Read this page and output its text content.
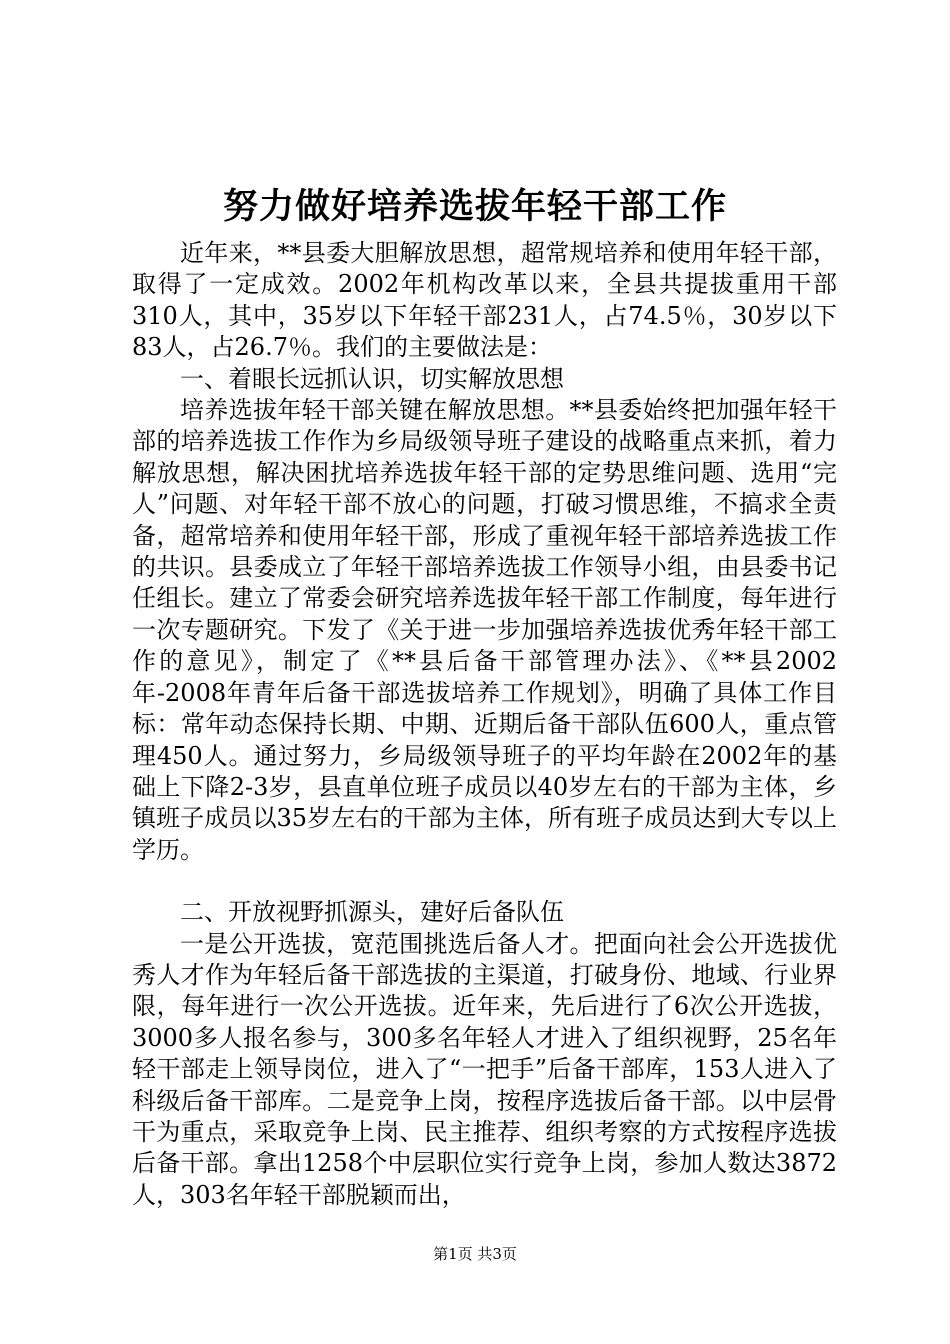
努力做好培养选拔年轻干部工作

近年来，**县委大胆解放思想，超常规培养和使用年轻干部，取得了一定成效。2002年机构改革以来，全县共提拔重用干部310人，其中，35岁以下年轻干部231人，占74.5％，30岁以下83人，占26.7％。我们的主要做法是：

一、着眼长远抓认识，切实解放思想

培养选拔年轻干部关键在解放思想。**县委始终把加强年轻干部的培养选拔工作作为乡局级领导班子建设的战略重点来抓，着力解放思想，解决困扰培养选拔年轻干部的定势思维问题、选用“完人”问题、对年轻干部不放心的问题，打破习惯思维，不搞求全责备，超常培养和使用年轻干部，形成了重视年轻干部培养选拔工作的共识。县委成立了年轻干部培养选拔工作领导小组，由县委书记任组长。建立了常委会研究培养选拔年轻干部工作制度，每年进行一次专题研究。下发了《关于进一步加强培养选拔优秀年轻干部工作的意见》，制定了《**县后备干部管理办法》、《**县2002年-2008年青年后备干部选拔培养工作规划》，明确了具体工作目标：常年动态保持长期、中期、近期后备干部队伍600人，重点管理450人。通过努力，乡局级领导班子的平均年龄在2002年的基础上下降2-3岁，县直单位班子成员以40岁左右的干部为主体，乡镇班子成员以35岁左右的干部为主体，所有班子成员达到大专以上学历。

二、开放视野抓源头，建好后备队伍

一是公开选拔，宽范围挑选后备人才。把面向社会公开选拔优秀人才作为年轻后备干部选拔的主渠道，打破身份、地域、行业界限，每年进行一次公开选拔。近年来，先后进行了6次公开选拔，3000多人报名参与，300多名年轻人才进入了组织视野，25名年轻干部走上领导岗位，进入了“一把手”后备干部库，153人进入了科级后备干部库。二是竞争上岗，按程序选拔后备干部。以中层骨干为重点，采取竞争上岗、民主推荐、组织考察的方式按程序选拔后备干部。拿出1258个中层职位实行竞争上岗，参加人数达3872人，303名年轻干部脱颖而出，

第1页 共3页
